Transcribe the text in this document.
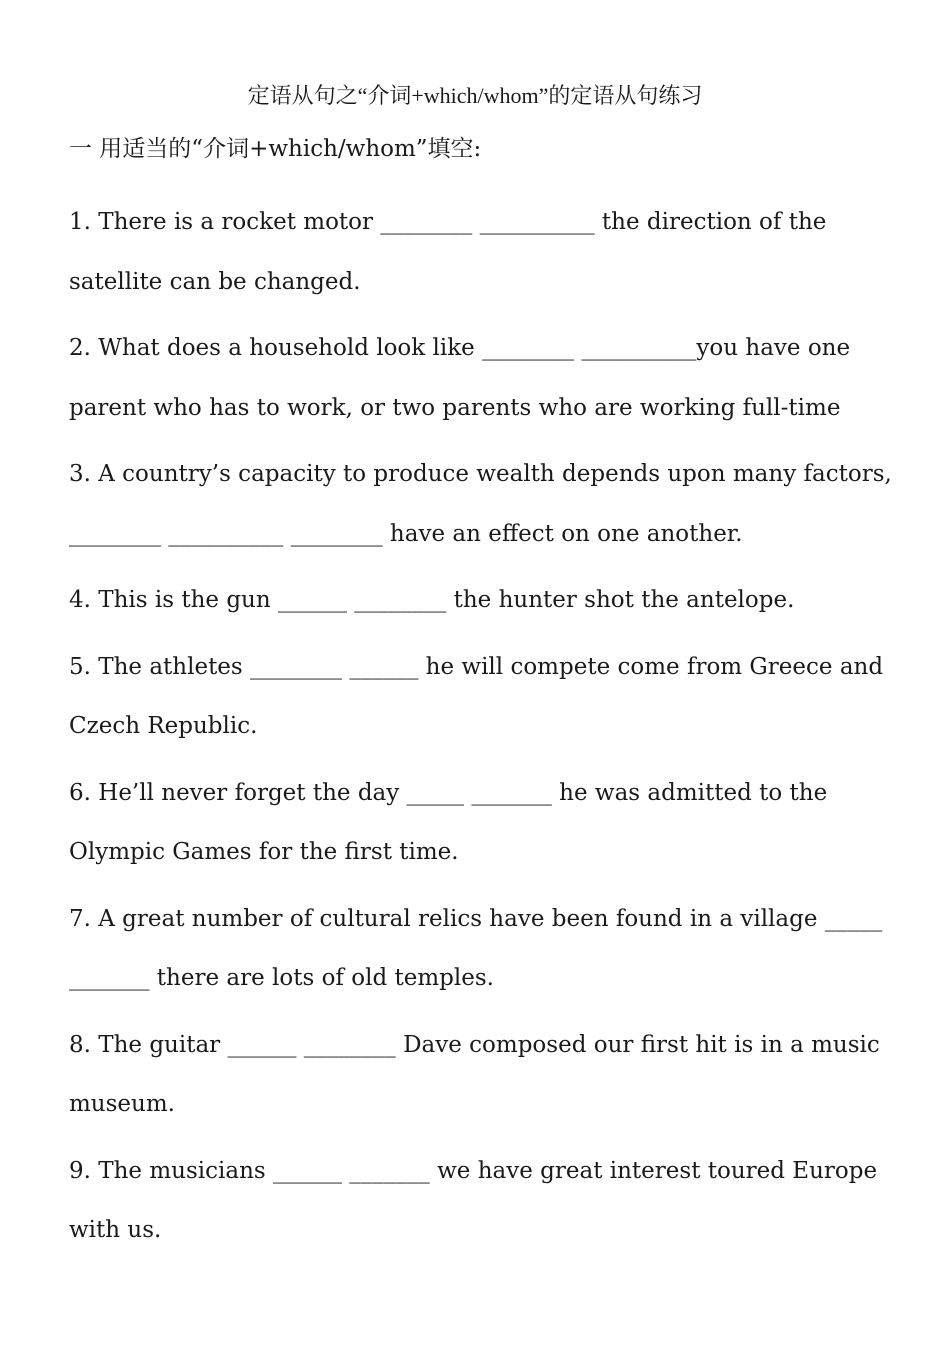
定语从句之“介词+which/whom”的定语从句练习
一 用适当的“介词+which/whom”填空:
1. There is a rocket motor ________ __________ the direction of the
satellite can be changed.
2. What does a household look like ________ __________you have one
parent who has to work, or two parents who are working full-time
3. A country’s capacity to produce wealth depends upon many factors,
________ __________ ________ have an effect on one another.
4. This is the gun ______ ________ the hunter shot the antelope.
5. The athletes ________ ______ he will compete come from Greece and
Czech Republic.
6. He’ll never forget the day _____ _______ he was admitted to the
Olympic Games for the first time.
7. A great number of cultural relics have been found in a village _____
_______ there are lots of old temples.
8. The guitar ______ ________ Dave composed our first hit is in a music
museum.
9. The musicians ______ _______ we have great interest toured Europe
with us.
